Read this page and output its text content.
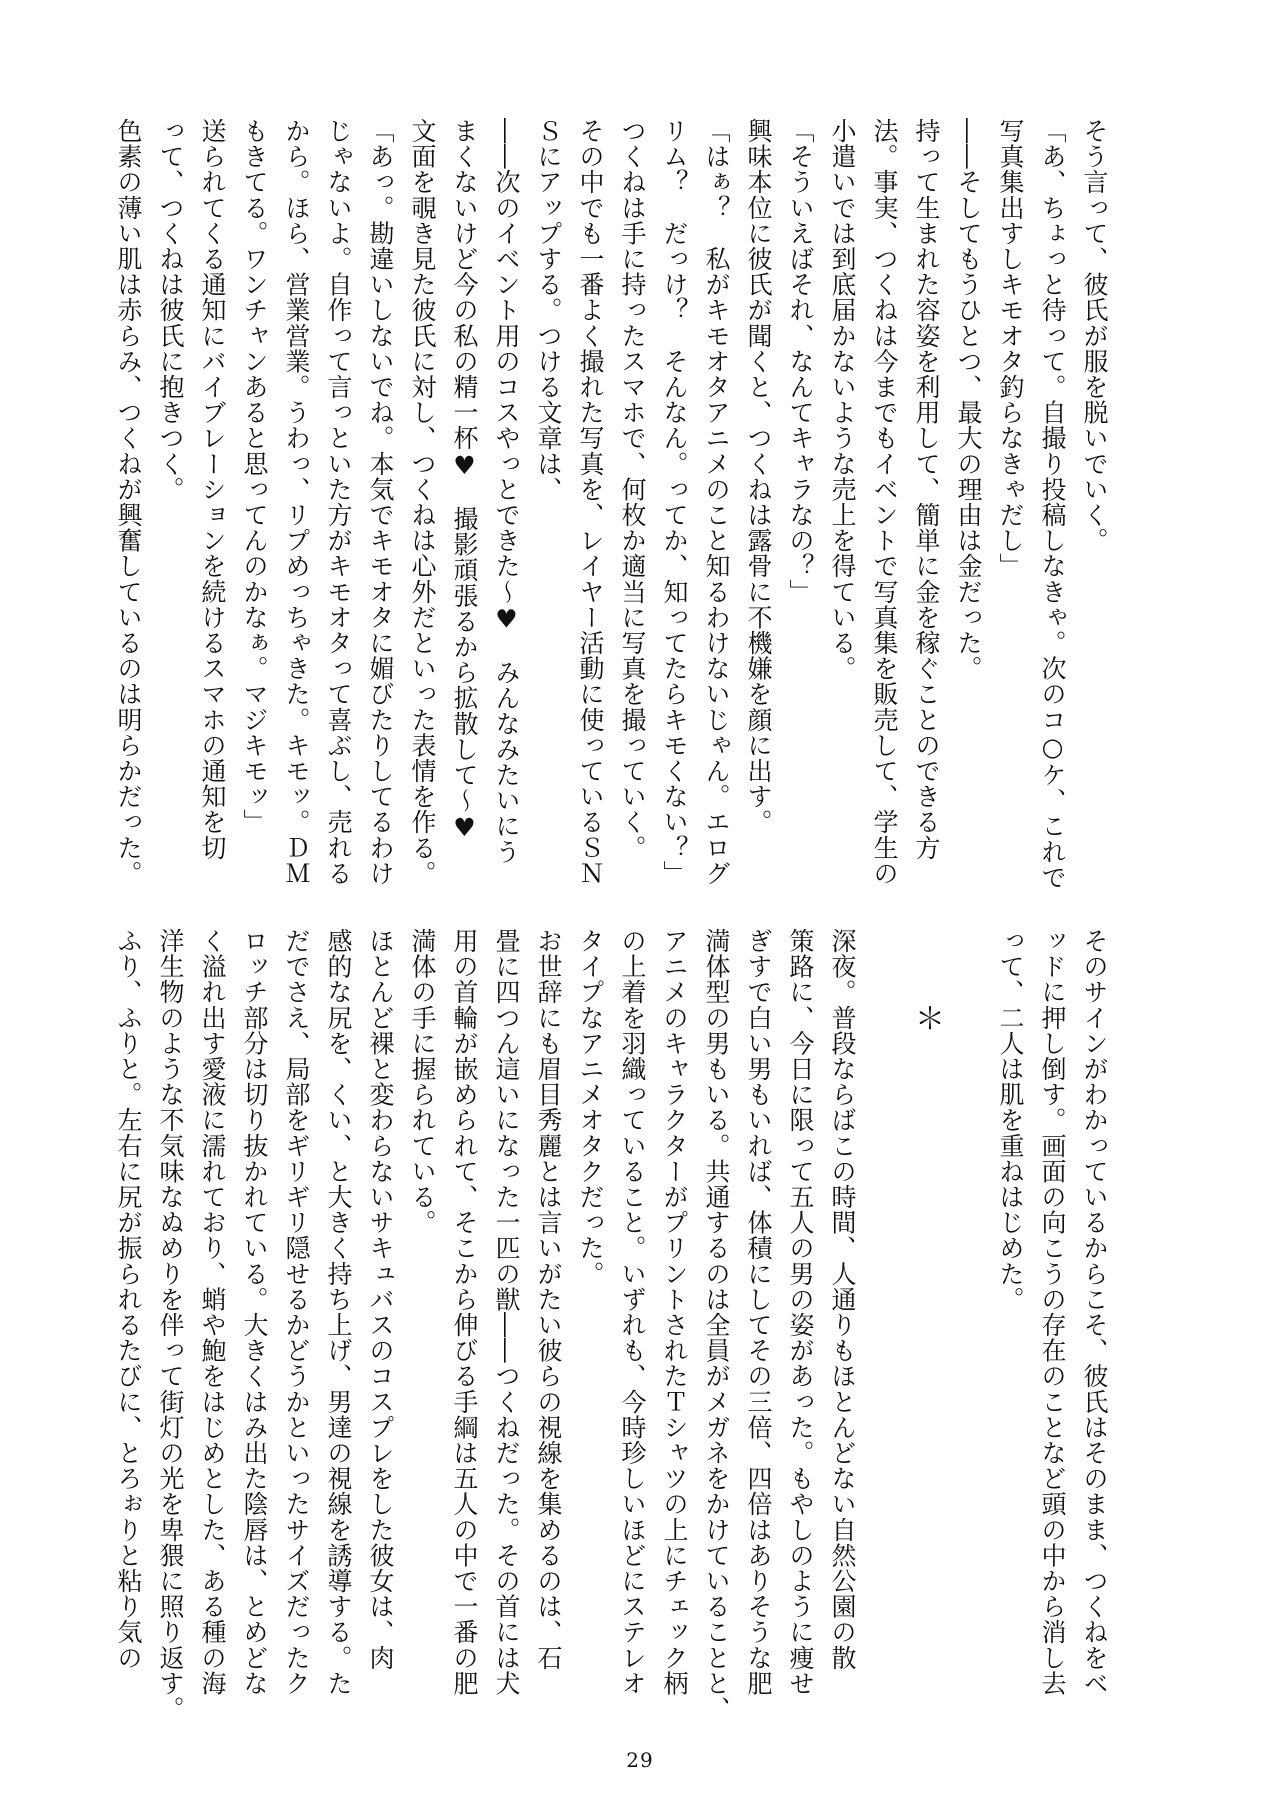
そう言って、彼氏が服を脱いでいく。
「あ、ちょっと待って。自撮り投稿しなきゃ。次のコ○ケ、これで
写真集出すしキモオタ釣らなきゃだし」
――そしてもうひとつ、最大の理由は金だった。
持って生まれた容姿を利用して、簡単に金を稼ぐことのできる方
法。事実、つくねは今までもイベントで写真集を販売して、学生の
小遣いでは到底届かないような売上を得ている。
「そういえばそれ、なんてキャラなの？」
興味本位に彼氏が聞くと、つくねは露骨に不機嫌を顔に出す。
「はぁ？　私がキモオタアニメのこと知るわけないじゃん。エログ
リム？　だっけ？　そんなん。ってか、知ってたらキモくない？」
つくねは手に持ったスマホで、何枚か適当に写真を撮っていく。
その中でも一番よく撮れた写真を、レイヤー活動に使っているＳＮ
Ｓにアップする。つける文章は、
――次のイベント用のコスやっとできた～♥　みんなみたいにう
まくないけど今の私の精一杯♥　撮影頑張るから拡散して～♥
文面を覗き見た彼氏に対し、つくねは心外だといった表情を作る。
「あっ。勘違いしないでね。本気でキモオタに媚びたりしてるわけ
じゃないよ。自作って言っといた方がキモオタって喜ぶし、売れる
から。ほら、営業営業。うわっ、リプめっちゃきた。キモッ。ＤＭ
もきてる。ワンチャンあると思ってんのかなぁ。マジキモッ」
送られてくる通知にバイブレーションを続けるスマホの通知を切
って、つくねは彼氏に抱きつく。
色素の薄い肌は赤らみ、つくねが興奮しているのは明らかだった。
そのサインがわかっているからこそ、彼氏はそのまま、つくねをベ
ッドに押し倒す。画面の向こうの存在のことなど頭の中から消し去
って、二人は肌を重ねはじめた。

＊

深夜。普段ならばこの時間、人通りもほとんどない自然公園の散
策路に、今日に限って五人の男の姿があった。もやしのように痩せ
ぎすで白い男もいれば、体積にしてその三倍、四倍はありそうな肥
満体型の男もいる。共通するのは全員がメガネをかけていることと、
アニメのキャラクターがプリントされたＴシャツの上にチェック柄
の上着を羽織っていること。いずれも、今時珍しいほどにステレオ
タイプなアニメオタクだった。
お世辞にも眉目秀麗とは言いがたい彼らの視線を集めるのは、石
畳に四つん這いになった一匹の獣――つくねだった。その首には犬
用の首輪が嵌められて、そこから伸びる手綱は五人の中で一番の肥
満体の手に握られている。
ほとんど裸と変わらないサキュバスのコスプレをした彼女は、肉
感的な尻を、くい、と大きく持ち上げ、男達の視線を誘導する。た
だでさえ、局部をギリギリ隠せるかどうかといったサイズだったク
ロッチ部分は切り抜かれている。大きくはみ出た陰唇は、とめどな
く溢れ出す愛液に濡れており、蛸や鮑をはじめとした、ある種の海
洋生物のような不気味なぬめりを伴って街灯の光を卑猥に照り返す。
ふり、ふりと。左右に尻が振られるたびに、とろぉりと粘り気の
29
